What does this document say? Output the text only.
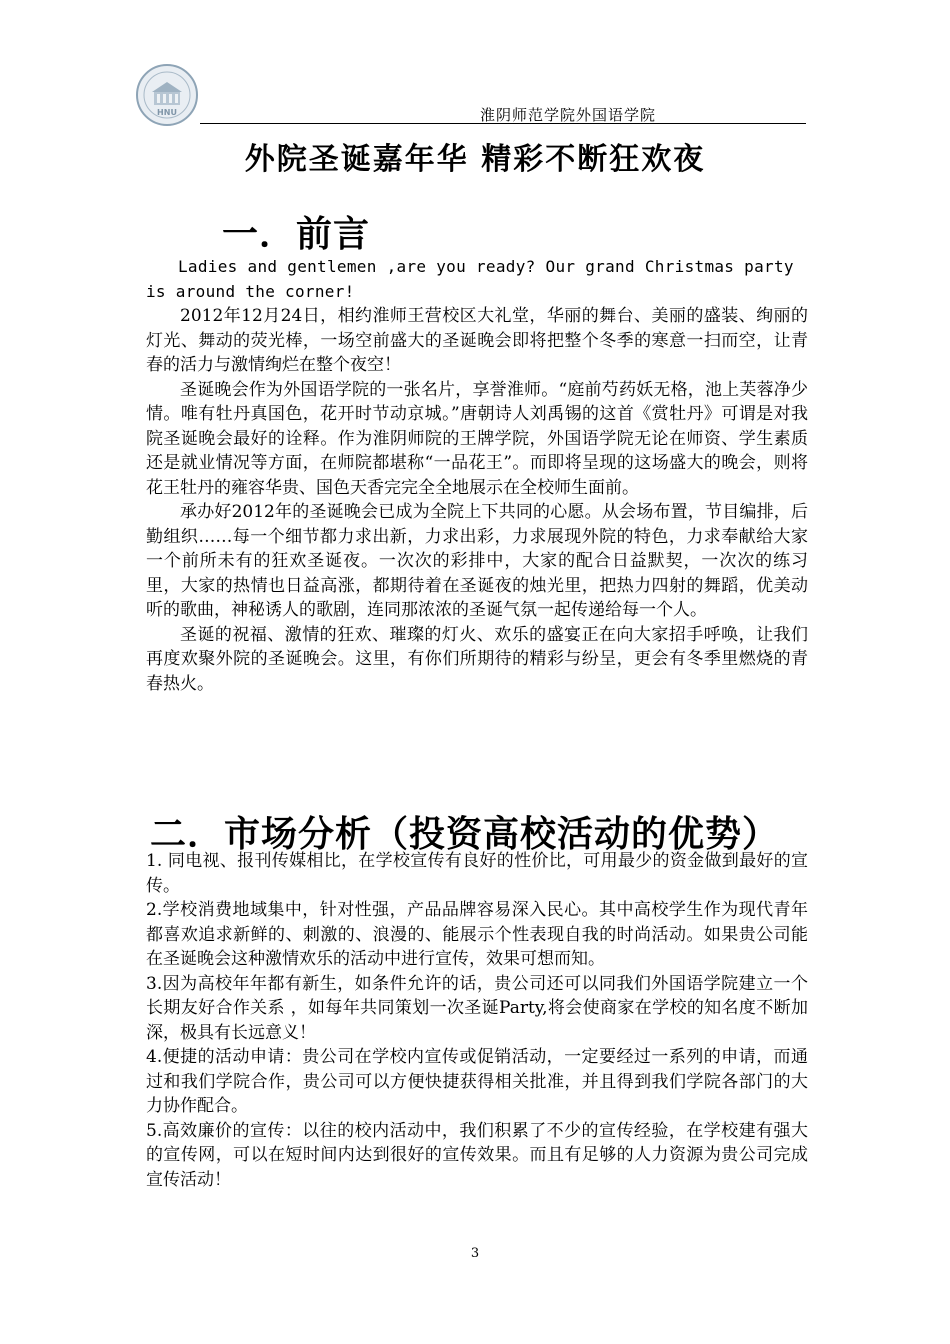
HNU	淮阴师范学院外国语学院
外院圣诞嘉年华 精彩不断狂欢夜
一．前言

Ladies and gentlemen ,are you ready? Our grand Christmas party is around the corner!

2012年12月24日，相约淮师王营校区大礼堂，华丽的舞台、美丽的盛装、绚丽的灯光、舞动的荧光棒，一场空前盛大的圣诞晚会即将把整个冬季的寒意一扫而空，让青春的活力与激情绚烂在整个夜空！

圣诞晚会作为外国语学院的一张名片，享誉淮师。“庭前芍药妖无格，池上芙蓉净少情。唯有牡丹真国色，花开时节动京城。”唐朝诗人刘禹锡的这首《赏牡丹》可谓是对我院圣诞晚会最好的诠释。作为淮阴师院的王牌学院，外国语学院无论在师资、学生素质还是就业情况等方面，在师院都堪称“一品花王”。而即将呈现的这场盛大的晚会，则将花王牡丹的雍容华贵、国色天香完完全全地展示在全校师生面前。

承办好2012年的圣诞晚会已成为全院上下共同的心愿。从会场布置，节目编排，后勤组织……每一个细节都力求出新，力求出彩，力求展现外院的特色，力求奉献给大家一个前所未有的狂欢圣诞夜。一次次的彩排中，大家的配合日益默契，一次次的练习里，大家的热情也日益高涨，都期待着在圣诞夜的烛光里，把热力四射的舞蹈，优美动听的歌曲，神秘诱人的歌剧，连同那浓浓的圣诞气氛一起传递给每一个人。

圣诞的祝福、激情的狂欢、璀璨的灯火、欢乐的盛宴正在向大家招手呼唤，让我们再度欢聚外院的圣诞晚会。这里，有你们所期待的精彩与纷呈，更会有冬季里燃烧的青春热火。

二．市场分析（投资高校活动的优势）

1. 同电视、报刊传媒相比，在学校宣传有良好的性价比，可用最少的资金做到最好的宣传。

2.学校消费地域集中，针对性强，产品品牌容易深入民心。其中高校学生作为现代青年都喜欢追求新鲜的、刺激的、浪漫的、能展示个性表现自我的时尚活动。如果贵公司能在圣诞晚会这种激情欢乐的活动中进行宣传，效果可想而知。

3.因为高校年年都有新生，如条件允许的话，贵公司还可以同我们外国语学院建立一个长期友好合作关系 ，如每年共同策划一次圣诞Party,将会使商家在学校的知名度不断加深，极具有长远意义！

4.便捷的活动申请：贵公司在学校内宣传或促销活动，一定要经过一系列的申请，而通过和我们学院合作，贵公司可以方便快捷获得相关批准，并且得到我们学院各部门的大力协作配合。

5.高效廉价的宣传：以往的校内活动中，我们积累了不少的宣传经验，在学校建有强大的宣传网，可以在短时间内达到很好的宣传效果。而且有足够的人力资源为贵公司完成宣传活动！

3
